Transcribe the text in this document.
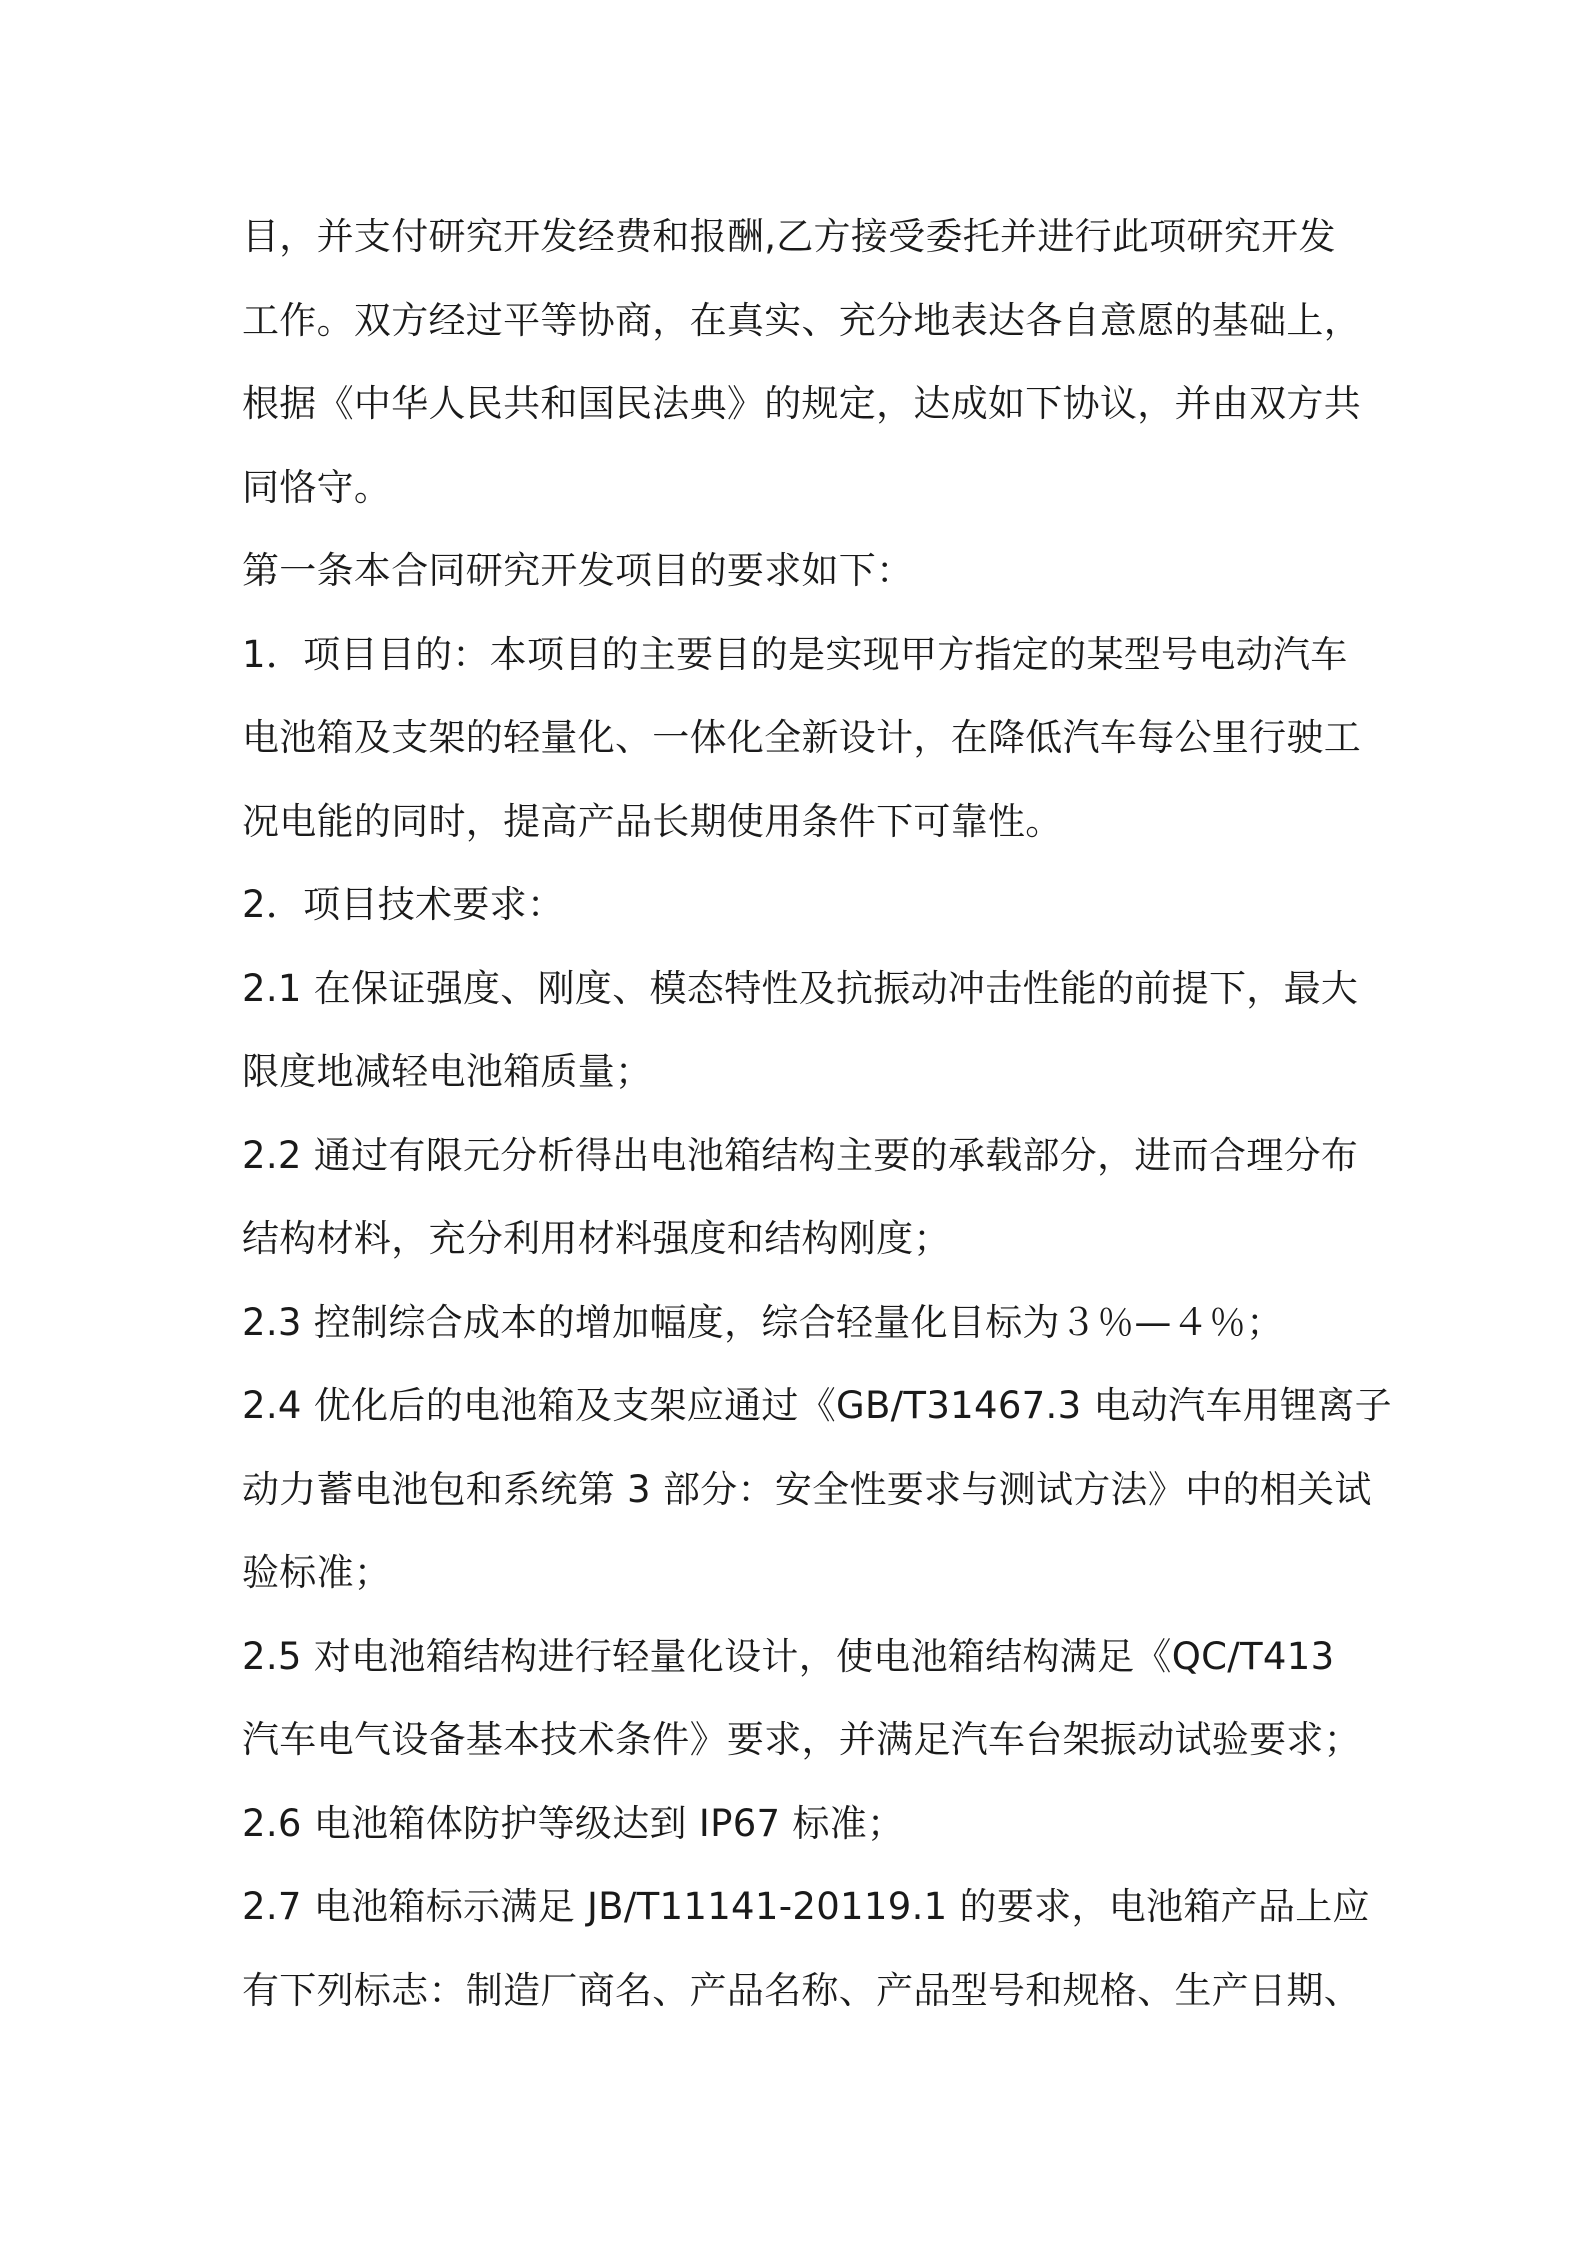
目，并支付研究开发经费和报酬,乙方接受委托并进行此项研究开发
工作。双方经过平等协商，在真实、充分地表达各自意愿的基础上，
根据《中华人民共和国民法典》的规定，达成如下协议，并由双方共
同恪守。
第一条本合同研究开发项目的要求如下：
1．项目目的：本项目的主要目的是实现甲方指定的某型号电动汽车
电池箱及支架的轻量化、一体化全新设计，在降低汽车每公里行驶工
况电能的同时，提高产品长期使用条件下可靠性。
2．项目技术要求：
2.1 在保证强度、刚度、模态特性及抗振动冲击性能的前提下，最大
限度地减轻电池箱质量；
2.2 通过有限元分析得出电池箱结构主要的承载部分，进而合理分布
结构材料，充分利用材料强度和结构刚度；
2.3 控制综合成本的增加幅度，综合轻量化目标为３％—４％；
2.4 优化后的电池箱及支架应通过《GB/T31467.3 电动汽车用锂离子
动力蓄电池包和系统第 3 部分：安全性要求与测试方法》中的相关试
验标准；
2.5 对电池箱结构进行轻量化设计，使电池箱结构满足《QC/T413
汽车电气设备基本技术条件》要求，并满足汽车台架振动试验要求；
2.6 电池箱体防护等级达到 IP67 标准；
2.7 电池箱标示满足 JB/T11141-20119.1 的要求，电池箱产品上应
有下列标志：制造厂商名、产品名称、产品型号和规格、生产日期、
